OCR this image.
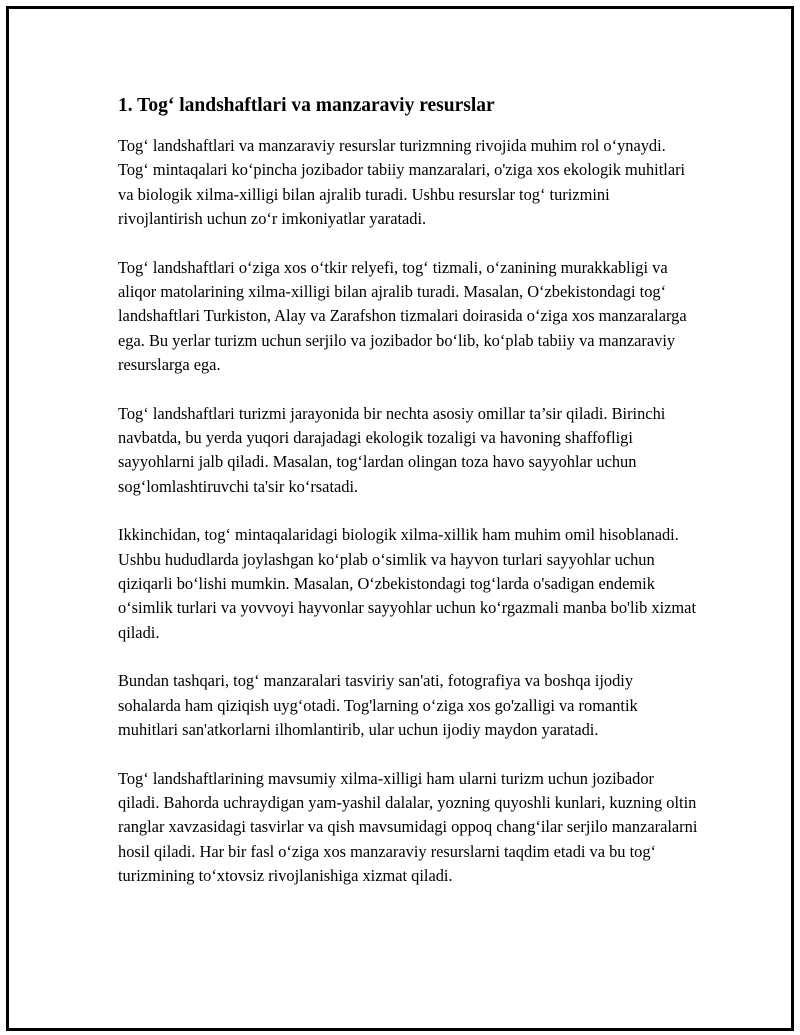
1. Tog‘ landshaftlari va manzaraviy resurslar

Tog‘ landshaftlari va manzaraviy resurslar turizmning rivojida muhim rol o‘ynaydi. Tog‘ mintaqalari ko‘pincha jozibador tabiiy manzaralari, o'ziga xos ekologik muhitlari va biologik xilma-xilligi bilan ajralib turadi. Ushbu resurslar tog‘ turizmini rivojlantirish uchun zo‘r imkoniyatlar yaratadi.

Tog‘ landshaftlari o‘ziga xos o‘tkir relyefi, tog‘ tizmali, o‘zanining murakkabligi va aliqor matolarining xilma-xilligi bilan ajralib turadi. Masalan, O‘zbekistondagi tog‘ landshaftlari Turkiston, Alay va Zarafshon tizmalari doirasida o‘ziga xos manzaralarga ega. Bu yerlar turizm uchun serjilo va jozibador bo‘lib, ko‘plab tabiiy va manzaraviy resurslarga ega.

Tog‘ landshaftlari turizmi jarayonida bir nechta asosiy omillar ta’sir qiladi. Birinchi navbatda, bu yerda yuqori darajadagi ekologik tozaligi va havoning shaffofligi sayyohlarni jalb qiladi. Masalan, tog‘lardan olingan toza havo sayyohlar uchun sog‘lomlashtiruvchi ta'sir ko‘rsatadi.

Ikkinchidan, tog‘ mintaqalaridagi biologik xilma-xillik ham muhim omil hisoblanadi. Ushbu hududlarda joylashgan ko‘plab o‘simlik va hayvon turlari sayyohlar uchun qiziqarli bo‘lishi mumkin. Masalan, O‘zbekistondagi tog‘larda o'sadigan endemik o‘simlik turlari va yovvoyi hayvonlar sayyohlar uchun ko‘rgazmali manba bo'lib xizmat qiladi.

Bundan tashqari, tog‘ manzaralari tasviriy san'ati, fotografiya va boshqa ijodiy sohalarda ham qiziqish uyg‘otadi. Tog'larning o‘ziga xos go'zalligi va romantik muhitlari san'atkorlarni ilhomlantirib, ular uchun ijodiy maydon yaratadi.

Tog‘ landshaftlarining mavsumiy xilma-xilligi ham ularni turizm uchun jozibador qiladi. Bahorda uchraydigan yam-yashil dalalar, yozning quyoshli kunlari, kuzning oltin ranglar xavzasidagi tasvirlar va qish mavsumidagi oppoq chang‘ilar serjilo manzaralarni hosil qiladi. Har bir fasl o‘ziga xos manzaraviy resurslarni taqdim etadi va bu tog‘ turizmining to‘xtovsiz rivojlanishiga xizmat qiladi.
